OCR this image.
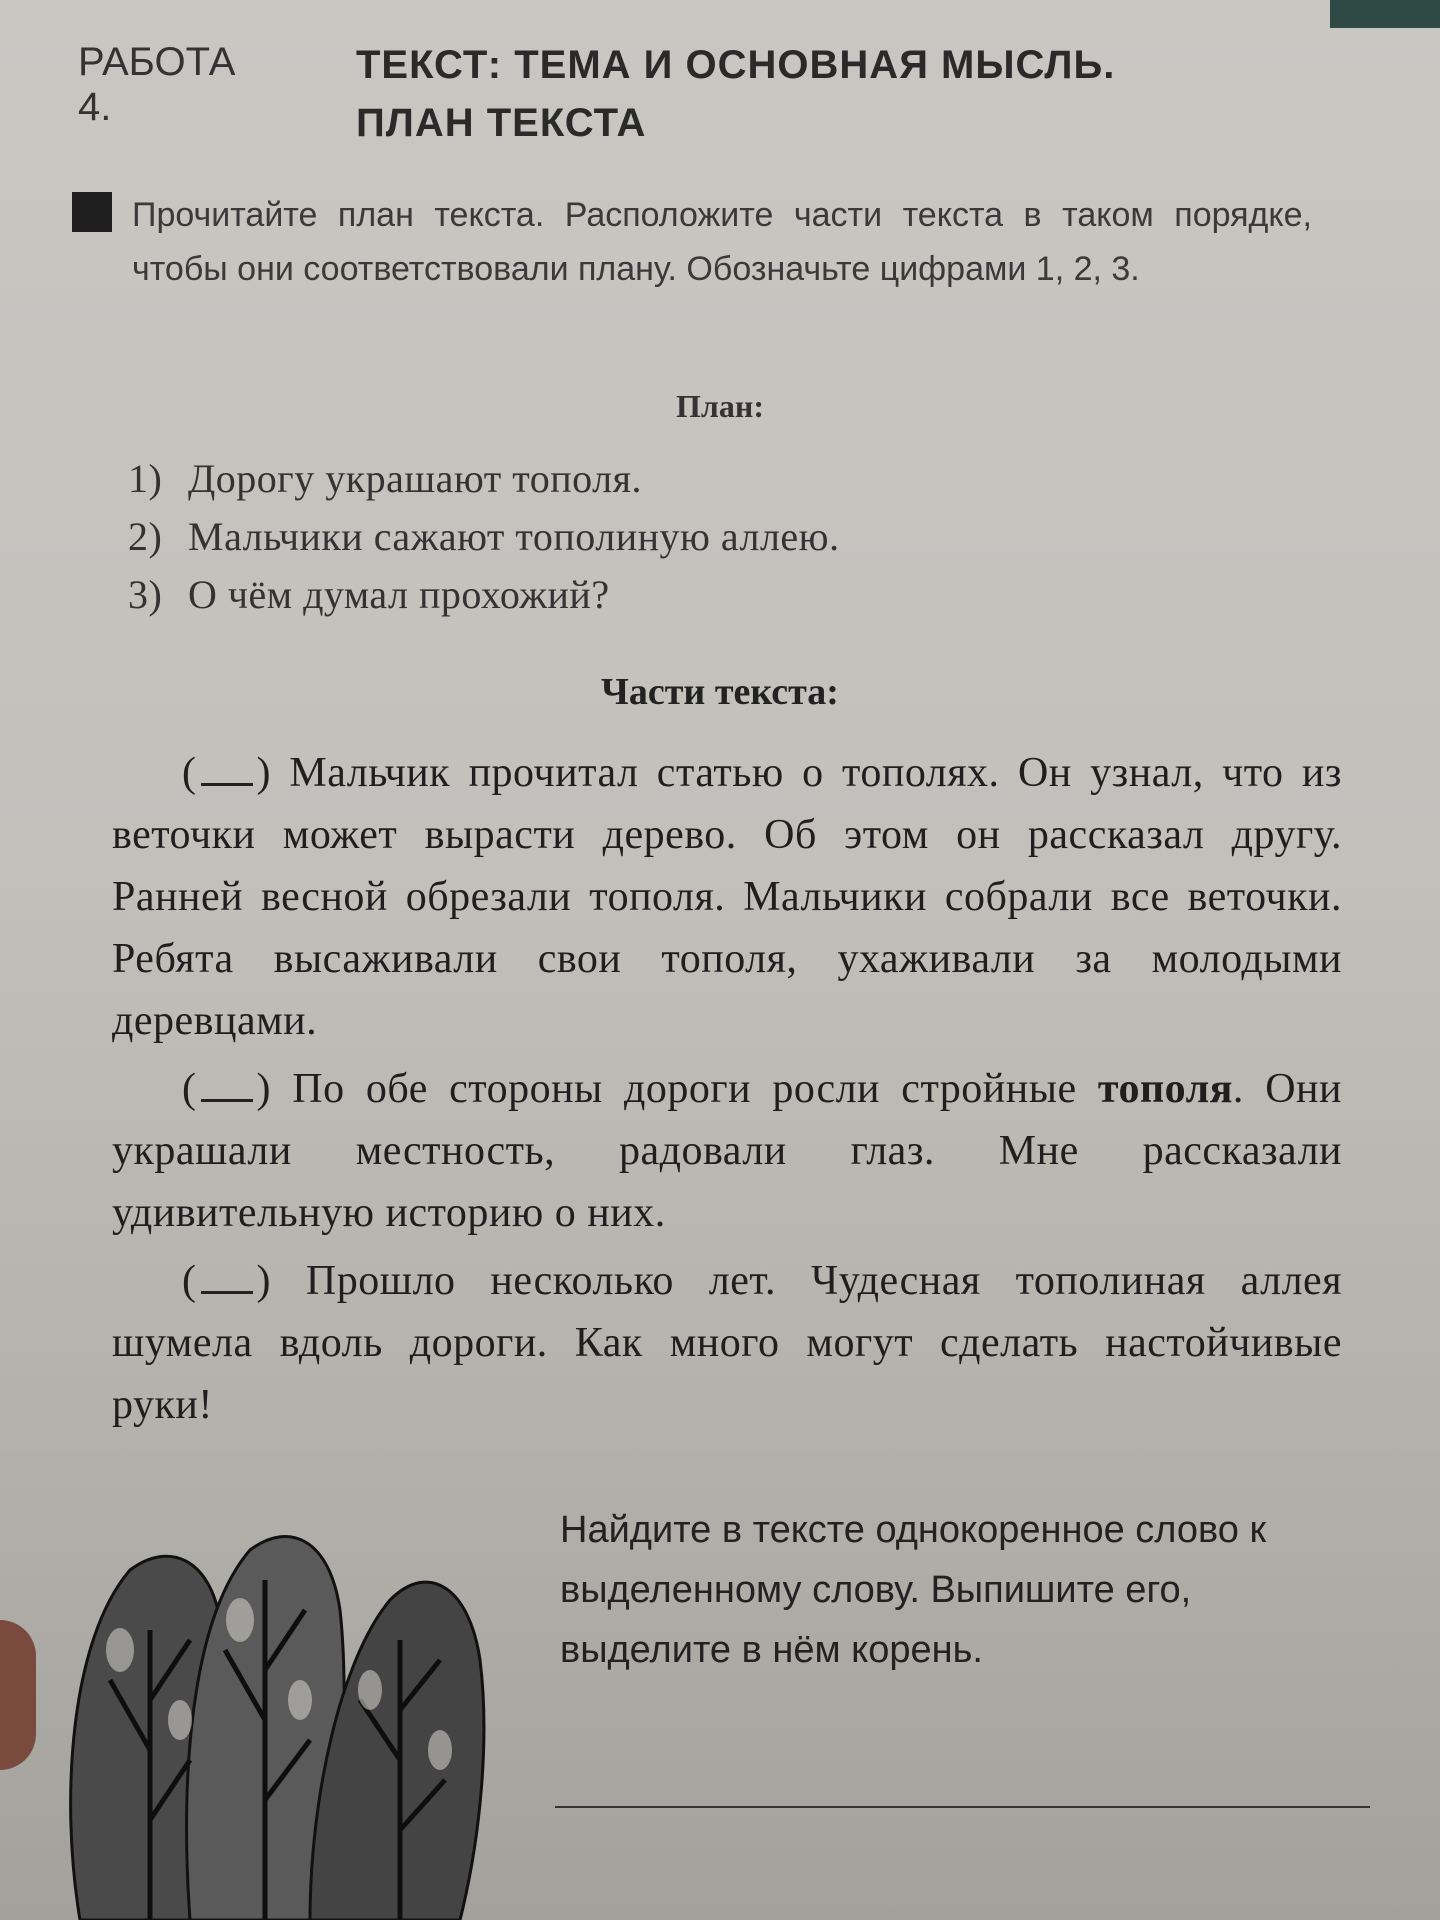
РАБОТА 4.
ТЕКСТ: ТЕМА И ОСНОВНАЯ МЫСЛЬ.
ПЛАН ТЕКСТА
Прочитайте план текста. Расположите части текста в таком порядке, чтобы они соответствовали плану. Обозначьте цифрами 1, 2, 3.
План:
1) Дорогу украшают тополя.
2) Мальчики сажают тополиную аллею.
3) О чём думал прохожий?
Части текста:

( ) Мальчик прочитал статью о тополях. Он узнал, что из веточки может вырасти дерево. Об этом он рассказал другу. Ранней весной обрезали тополя. Мальчики собрали все веточки. Ребята высаживали свои тополя, ухаживали за молодыми деревцами.

( ) По обе стороны дороги росли стройные тополя. Они украшали местность, радовали глаз. Мне рассказали удивительную историю о них.

( ) Прошло несколько лет. Чудесная тополиная аллея шумела вдоль дороги. Как много могут сделать настойчивые руки!

Найдите в тексте однокоренное слово к выделенному слову. Выпишите его, выделите в нём корень.
